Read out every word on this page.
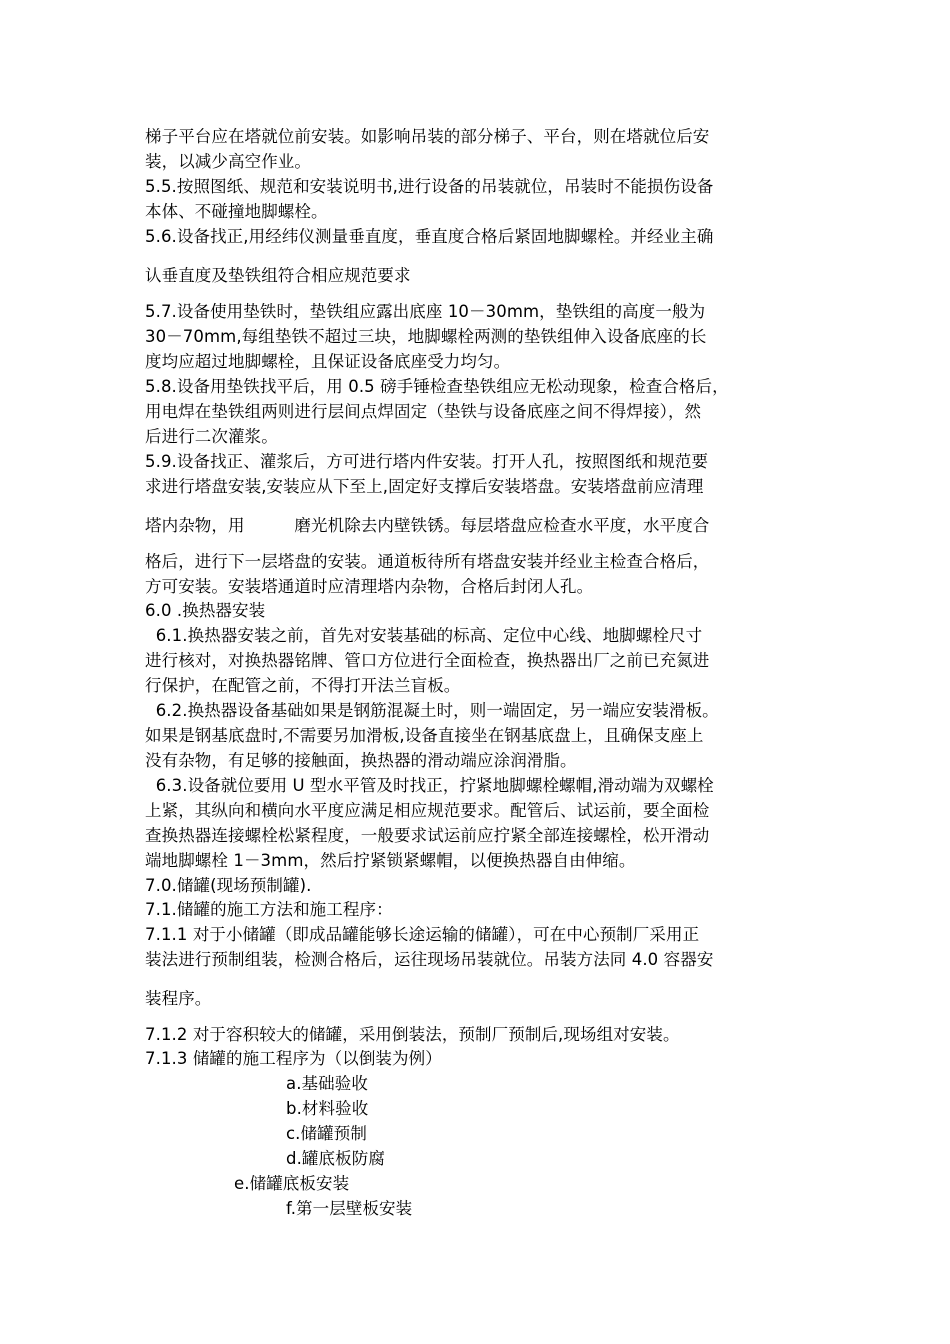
梯子平台应在塔就位前安装。如影响吊装的部分梯子、平台，则在塔就位后安
装，以减少高空作业。
5.5.按照图纸、规范和安装说明书,进行设备的吊装就位，吊装时不能损伤设备
本体、不碰撞地脚螺栓。
5.6.设备找正,用经纬仪测量垂直度，垂直度合格后紧固地脚螺栓。并经业主确
认垂直度及垫铁组符合相应规范要求
5.7.设备使用垫铁时，垫铁组应露出底座 10－30mm，垫铁组的高度一般为
30－70mm,每组垫铁不超过三块，地脚螺栓两测的垫铁组伸入设备底座的长
度均应超过地脚螺栓，且保证设备底座受力均匀。
5.8.设备用垫铁找平后，用 0.5 磅手锤检查垫铁组应无松动现象，检查合格后，
用电焊在垫铁组两则进行层间点焊固定（垫铁与设备底座之间不得焊接），然
后进行二次灌浆。
5.9.设备找正、灌浆后，方可进行塔内件安装。打开人孔，按照图纸和规范要
求进行塔盘安装,安装应从下至上,固定好支撑后安装塔盘。安装塔盘前应清理
塔内杂物，用　　　磨光机除去内壁铁锈。每层塔盘应检查水平度，水平度合
格后，进行下一层塔盘的安装。通道板待所有塔盘安装并经业主检查合格后，
方可安装。安装塔通道时应清理塔内杂物，合格后封闭人孔。
6.0 .换热器安装
6.1.换热器安装之前，首先对安装基础的标高、定位中心线、地脚螺栓尺寸
进行核对，对换热器铭牌、管口方位进行全面检查，换热器出厂之前已充氮进
行保护，在配管之前，不得打开法兰盲板。
6.2.换热器设备基础如果是钢筋混凝土时，则一端固定，另一端应安装滑板。
如果是钢基底盘时,不需要另加滑板,设备直接坐在钢基底盘上，且确保支座上
没有杂物，有足够的接触面，换热器的滑动端应涂润滑脂。
6.3.设备就位要用 U 型水平管及时找正，拧紧地脚螺栓螺帽,滑动端为双螺栓
上紧，其纵向和横向水平度应满足相应规范要求。配管后、试运前，要全面检
查换热器连接螺栓松紧程度，一般要求试运前应拧紧全部连接螺栓，松开滑动
端地脚螺栓 1－3mm，然后拧紧锁紧螺帽，以便换热器自由伸缩。
7.0.储罐(现场预制罐).
7.1.储罐的施工方法和施工程序：
7.1.1 对于小储罐（即成品罐能够长途运输的储罐），可在中心预制厂采用正
装法进行预制组装，检测合格后，运往现场吊装就位。吊装方法同 4.0 容器安
装程序。
7.1.2 对于容积较大的储罐，采用倒装法，预制厂预制后,现场组对安装。
7.1.3 储罐的施工程序为（以倒装为例）
a.基础验收
b.材料验收
c.储罐预制
d.罐底板防腐
e.储罐底板安装
f.第一层壁板安装
